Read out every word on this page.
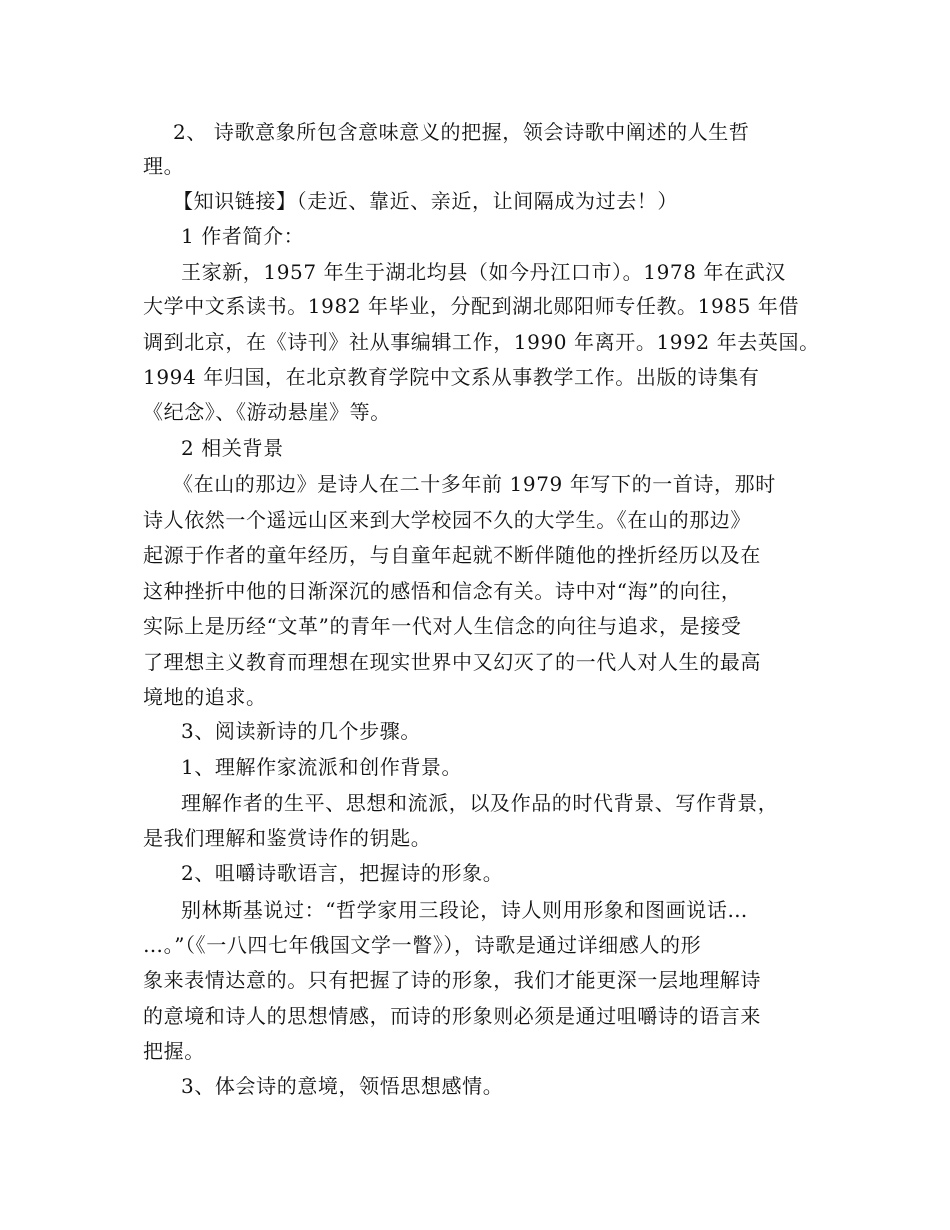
2、 诗歌意象所包含意味意义的把握，领会诗歌中阐述的人生哲
理。
【知识链接】（走近、靠近、亲近，让间隔成为过去！）
1 作者简介：
王家新，1957 年生于湖北均县（如今丹江口市）。1978 年在武汉
大学中文系读书。1982 年毕业，分配到湖北郧阳师专任教。1985 年借
调到北京，在《诗刊》社从事编辑工作，1990 年离开。1992 年去英国。
1994 年归国，在北京教育学院中文系从事教学工作。出版的诗集有
《纪念》、《游动悬崖》等。
2 相关背景
《在山的那边》是诗人在二十多年前 1979 年写下的一首诗，那时
诗人依然一个遥远山区来到大学校园不久的大学生。《在山的那边》
起源于作者的童年经历，与自童年起就不断伴随他的挫折经历以及在
这种挫折中他的日渐深沉的感悟和信念有关。诗中对“海”的向往，
实际上是历经“文革”的青年一代对人生信念的向往与追求，是接受
了理想主义教育而理想在现实世界中又幻灭了的一代人对人生的最高
境地的追求。
3、阅读新诗的几个步骤。
1、理解作家流派和创作背景。
理解作者的生平、思想和流派，以及作品的时代背景、写作背景，
是我们理解和鉴赏诗作的钥匙。
2、咀嚼诗歌语言，把握诗的形象。
别林斯基说过：“哲学家用三段论，诗人则用形象和图画说话…
…。”（《一八四七年俄国文学一瞥》），诗歌是通过详细感人的形
象来表情达意的。只有把握了诗的形象，我们才能更深一层地理解诗
的意境和诗人的思想情感，而诗的形象则必须是通过咀嚼诗的语言来
把握。
3、体会诗的意境，领悟思想感情。
